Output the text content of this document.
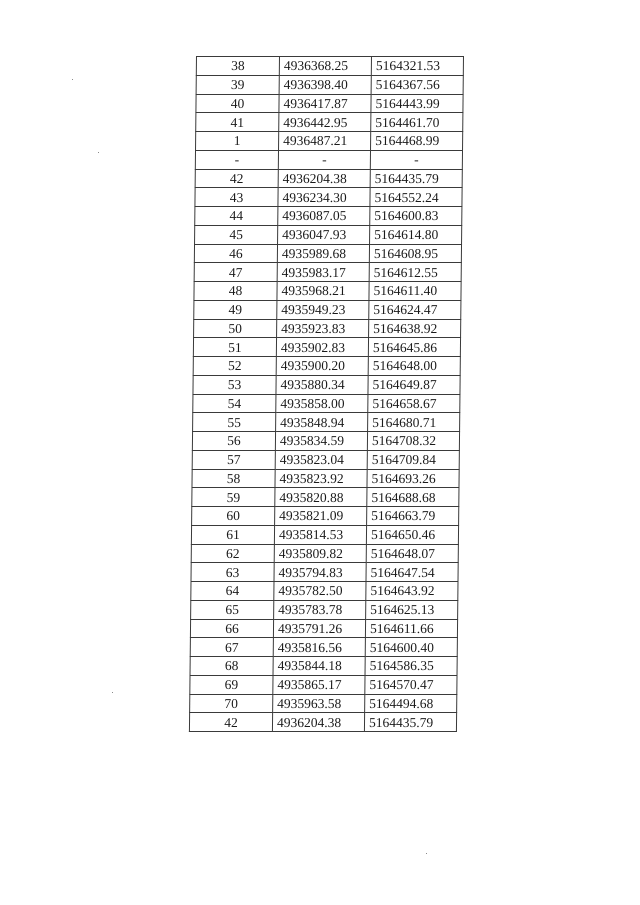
38	4936368.25	5164321.53
39	4936398.40	5164367.56
40	4936417.87	5164443.99
41	4936442.95	5164461.70
1	4936487.21	5164468.99
-	-	-
42	4936204.38	5164435.79
43	4936234.30	5164552.24
44	4936087.05	5164600.83
45	4936047.93	5164614.80
46	4935989.68	5164608.95
47	4935983.17	5164612.55
48	4935968.21	5164611.40
49	4935949.23	5164624.47
50	4935923.83	5164638.92
51	4935902.83	5164645.86
52	4935900.20	5164648.00
53	4935880.34	5164649.87
54	4935858.00	5164658.67
55	4935848.94	5164680.71
56	4935834.59	5164708.32
57	4935823.04	5164709.84
58	4935823.92	5164693.26
59	4935820.88	5164688.68
60	4935821.09	5164663.79
61	4935814.53	5164650.46
62	4935809.82	5164648.07
63	4935794.83	5164647.54
64	4935782.50	5164643.92
65	4935783.78	5164625.13
66	4935791.26	5164611.66
67	4935816.56	5164600.40
68	4935844.18	5164586.35
69	4935865.17	5164570.47
70	4935963.58	5164494.68
42	4936204.38	5164435.79
